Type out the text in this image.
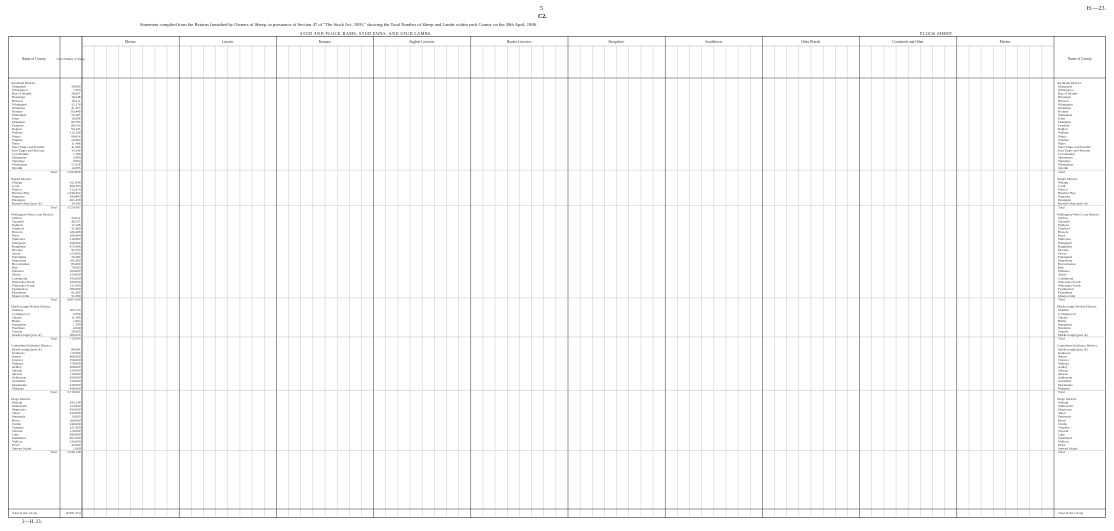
5	H.—23.
C2.
Statement compiled from the Returns furnished by Owners of Sheep, in pursuance of Section 47 of "The Stock Act, 1893," showing the Total Number of Sheep and Lambs within each County on the 30th April, 1906.
STUD AND FLOCK RAMS, STUD EWES, AND STUD LAMBS.	FLOCK SHEEP.
Name of County.	Total Number of Sheep.	Name of County.
Merino.	Lincoln.	Romney.	English Leicester.	Border Leicester.	Shropshire.	Southdown.	Other Breeds.	Crossbreds and Other.	Merino.
Auckland District.	Auckland District.
Mangonui	38,000	Mangonui
Whangaroa	7,593	Whangaroa
Bay of Islands	28,667	Bay of Islands
Hokianga	16,048	Hokianga
Hobson	18,211	Hobson
Whangarei	52,176	Whangarei
Otamatea	41,375	Otamatea
Rodney	83,440	Rodney
Waitemata	74,163	Waitemata
Eden	10,098	Eden
Manukau	89,763	Manukau
Franklin	86,543	Franklin
Raglan	93,445	Raglan
Waikato	112,108	Waikato
Waipa	99,814	Waipa
Thames	24,800	Thames
Piako	11,468	Piako
West Taupo and Kawhia	41,609	West Taupo and Kawhia
East Taupo and Rotorua	14,140	East Taupo and Rotorua
Coromandel	1,780	Coromandel
Ohinemuri	5,800	Ohinemuri
Tauranga	6,094	Tauranga
Whakatane	57,618	Whakatane
Opotiki	14,083	Opotiki
Total	1,043,806	Total
Napier District.	Napier District.
Waiapu	611,049	Waiapu
Cook	480,183	Cook
Wairoa	512,414	Wairoa
Hawke's Bay	1,040,450	Hawke's Bay
Waipawa	584,883	Waipawa
Patangata	461,458	Patangata
Hawke's Bay (part of)	34,560	Hawke's Bay (part of)
Total	3,724,997	Total
Wellington-West Coast District.	Wellington-West Coast District.
Clifton	24,612	Clifton
Taranaki	38,537	Taranaki
Egmont	12,168	Egmont
Stratford	31,800	Stratford
Hawera	126,400	Hawera
Patea	166,684	Patea
Waitotara	219,000	Waitotara
Wanganui	299,000	Wanganui
Rangitikei	472,466	Rangitikei
Kiwitea	91,050	Kiwitea
Oroua	123,000	Oroua
Pohangina	76,400	Pohangina
Manawatu	101,000	Manawatu
Horowhenua	83,000	Horowhenua
Hutt	78,000	Hutt
Pahiatua	184,000	Pahiatua
Akitio	154,000	Akitio
Castlepoint	345,000	Castlepoint
Wairarapa North	420,000	Wairarapa North
Wairarapa South	511,000	Wairarapa South
Featherston	286,000	Featherston
Eketahuna	81,000	Eketahuna
Mauriceville	51,000	Mauriceville
Total	4,097,428	Total
Marlborough-Nelson District.	Marlborough-Nelson District.
Waimea	103,725	Waimea
Collingwood	6,350	Collingwood
Takaka	11,180	Takaka
Buller	1,604	Buller
Inangahua	1,700	Inangahua
Westland	2,040	Westland
Sounds	20,000	Sounds
Marlborough (part of)	568,456	Marlborough (part of)
Total	715,044	Total
Canterbury-Kaikoura District.	Canterbury-Kaikoura District.
Marlborough (part of)	98,484	Marlborough (part of)
Kaikoura	113,000	Kaikoura
Amuri	406,000	Amuri
Cheviot	156,000	Cheviot
Waipara	176,000	Waipara
Ashley	208,000	Ashley
Selwyn	520,000	Selwyn
Akaroa	116,000	Akaroa
Ashburton	658,000	Ashburton
Geraldine	318,000	Geraldine
Mackenzie	418,000	Mackenzie
Waimate	440,000	Waimate
Total	3,710,951	Total
Otago District.	Otago District.
Waitaki	543,148	Waitaki
Waikouaiti	122,000	Waikouaiti
Maniototo	356,000	Maniototo
Taieri	243,000	Taieri
Peninsula	13,000	Peninsula
Bruce	166,000	Bruce
Clutha	240,000	Clutha
Tuapeka	221,000	Tuapeka
Vincent	176,000	Vincent
Lake	286,000	Lake
Southland	821,000	Southland
Wallace	316,000	Wallace
Fiord	45,000	Fiord
Stewart Island	1,000	Stewart Island
Total	3,549,148	Total
Total in the colony	19,841,374	Total in the colony
2—H. 23.
